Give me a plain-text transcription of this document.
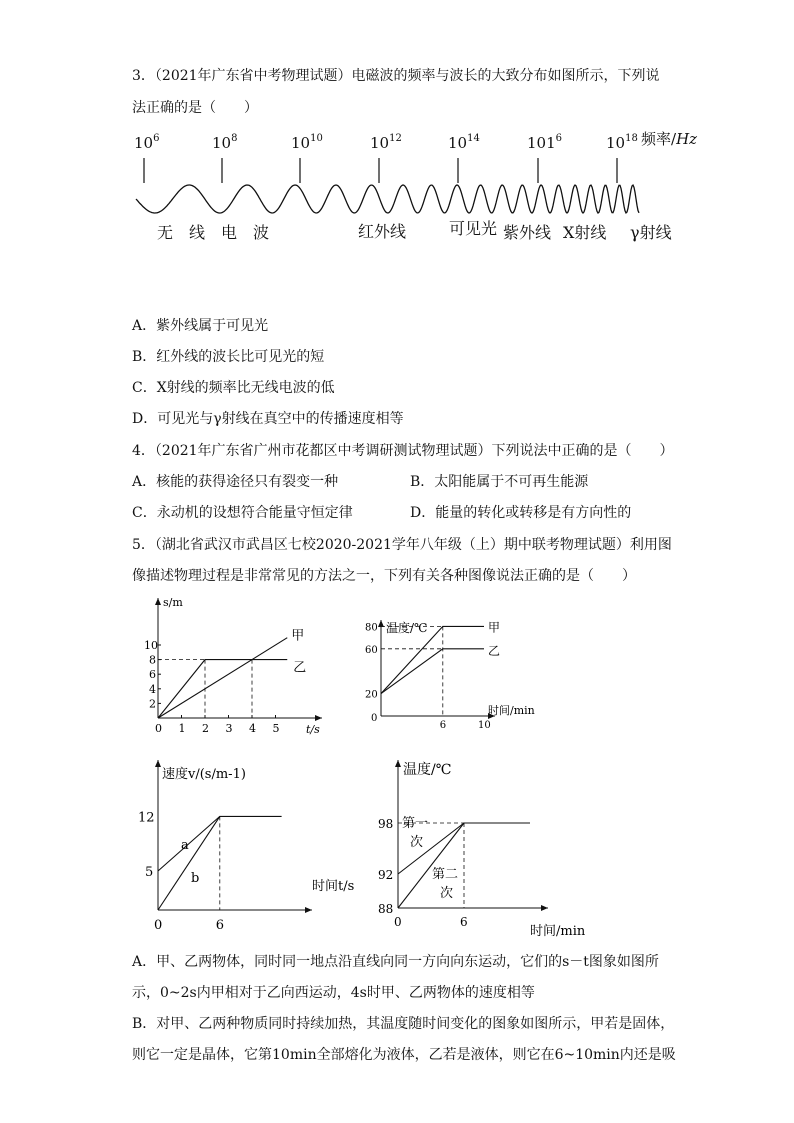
3．（2021年广东省中考物理试题）电磁波的频率与波长的大致分布如图所示，下列说
法正确的是（　　）
$10^6$	$10^8$	$10^{10}$	$10^{12}$	$10^{14}$	$101^6$	$10^{18}$ 频率/Hz
无　线　电　波	红外线	可见光 紫外线 X射线 γ射线
A．紫外线属于可见光
B．红外线的波长比可见光的短
C．X射线的频率比无线电波的低
D．可见光与γ射线在真空中的传播速度相等
4．（2021年广东省广州市花都区中考调研测试物理试题）下列说法中正确的是（　　）
A．核能的获得途径只有裂变一种	B．太阳能属于不可再生能源
C．永动机的设想符合能量守恒定律	D．能量的转化或转移是有方向性的
5．（湖北省武汉市武昌区七校2020-2021学年八年级（上）期中联考物理试题）利用图
像描述物理过程是非常常见的方法之一，下列有关各种图像说法正确的是（　　）
s/m
t/s
0 1 2 3 4 5
2
4
6
8
10
甲
乙
温度/℃
时间/min
0
6	10
20
60
80	甲
乙
速度v/(s/m-1)
时间t/s
0	6
5
12
a
b
温度/℃
时间/min
0	6
88
92
98 第一
次
第二
次
A．甲、乙两物体，同时同一地点沿直线向同一方向向东运动，它们的s－t图象如图所
示，0~2s内甲相对于乙向西运动，4s时甲、乙两物体的速度相等
B．对甲、乙两种物质同时持续加热，其温度随时间变化的图象如图所示，甲若是固体，
则它一定是晶体，它第10min全部熔化为液体，乙若是液体，则它在6~10min内还是吸
